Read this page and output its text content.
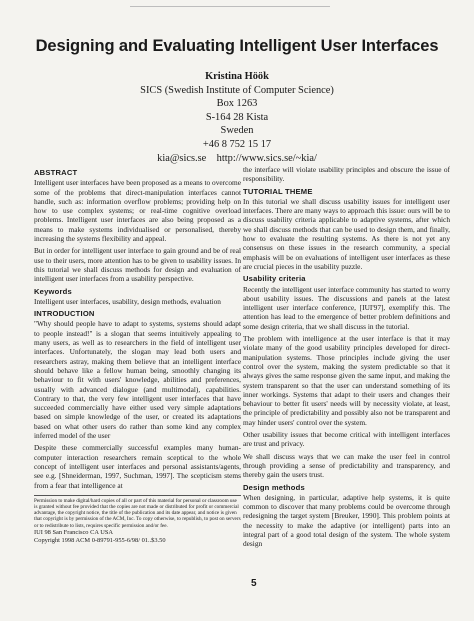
Designing and Evaluating Intelligent User Interfaces
Kristina Höök
SICS (Swedish Institute of Computer Science)
Box 1263
S-164 28 Kista
Sweden
+46 8 752 15 17
kia@sics.se    http://www.sics.se/~kia/
ABSTRACT

Intelligent user interfaces have been proposed as a means to overcome some of the problems that direct-manipulation interfaces cannot handle, such as: information overflow problems; providing help on how to use complex systems; or real-time cognitive overload problems. Intelligent user interfaces are also being proposed as a means to make systems individualised or personalised, thereby increasing the systems flexibility and appeal.

But in order for intelligent user interface to gain ground and be of real use to their users, more attention has to be given to usability issues. In this tutorial we shall discuss methods for design and evaluation of intelligent user interfaces from a usability perspective.

Keywords

Intelligent user interfaces, usability, design methods, evaluation

INTRODUCTION

"Why should people have to adapt to systems, systems should adapt to people instead!" is a slogan that seems intuitively appealing to many users, as well as to researchers in the field of intelligent user interfaces. Unfortunately, the slogan may lead both users and researchers astray, making them believe that an intelligent interface should behave like a fellow human being, smoothly changing its behaviour to fit with users' knowledge, abilities and preferences, usually with advanced dialogue (and multimodal), capabilities. Contrary to that, the very few intelligent user interfaces that have succeeded commercially have either used very simple adaptations based on simple knowledge of the user, or created its adaptations based on what other users do rather than some kind any complex inferred model of the user

Despite these commercially successful examples many human-computer interaction researchers remain sceptical to the whole concept of intelligent user interfaces and personal assistants/agents, see e.g. [Shneiderman, 1997, Suchman, 1997]. The scepticism stems from a fear that intelligence at

Permission to make digital/hard copies of all or part of this material for personal or classroom use is granted without fee provided that the copies are not made or distributed for profit or commercial advantage, the copyright notice, the title of the publication and its date appear, and notice is given that copyright is by permission of the ACM, Inc. To copy otherwise, to republish, to post on servers or to redistribute to lists, requires specific permission and/or fee.
IUI 98 San Francisco CA USA
Copyright 1998 ACM 0-89791-955-6/98/ 01..$3.50

the interface will violate usability principles and obscure the issue of responsibility.

TUTORIAL THEME

In this tutorial we shall discuss usability issues for intelligent user interfaces. There are many ways to approach this issue: ours will be to discuss usability criteria applicable to adaptive systems, after which we shall discuss methods that can be used to design them, and finally, how to evaluate the resulting systems. As there is not yet any consensus on these issues in the research community, a special emphasis will be on evaluations of intelligent user interfaces as these are crucial pieces in the usability puzzle.

Usability criteria

Recently the intelligent user interface community has started to worry about usability issues. The discussions and panels at the latest intelligent user interface conference, [IUI'97], exemplify this. The attention has lead to the emergence of better problem definitions and some design criteria, that we shall discuss in the tutorial.

The problem with intelligence at the user interface is that it may violate many of the good usability principles developed for direct-manipulation systems. Those principles include giving the user control over the system, making the system predictable so that it always gives the same response given the same input, and making the system transparent so that the user can understand something of its inner workings. Systems that adapt to their users and changes their behaviour to better fit users' needs will by necessity violate, at least, the principle of predictability and possibly also not be transparent and may hinder users' control over the system.

Other usability issues that become critical with intelligent interfaces are trust and privacy.

We shall discuss ways that we can make the user feel in control through providing a sense of predictability and transparency, and thereby gain the users trust.

Design methods

When designing, in particular, adaptive help systems, it is quite common to discover that many problems could be overcome through redesigning the target system [Breuker, 1990]. This problem points at the necessity to make the adaptive (or intelligent) parts into an integral part of a good total design of the system. The whole system design

5
